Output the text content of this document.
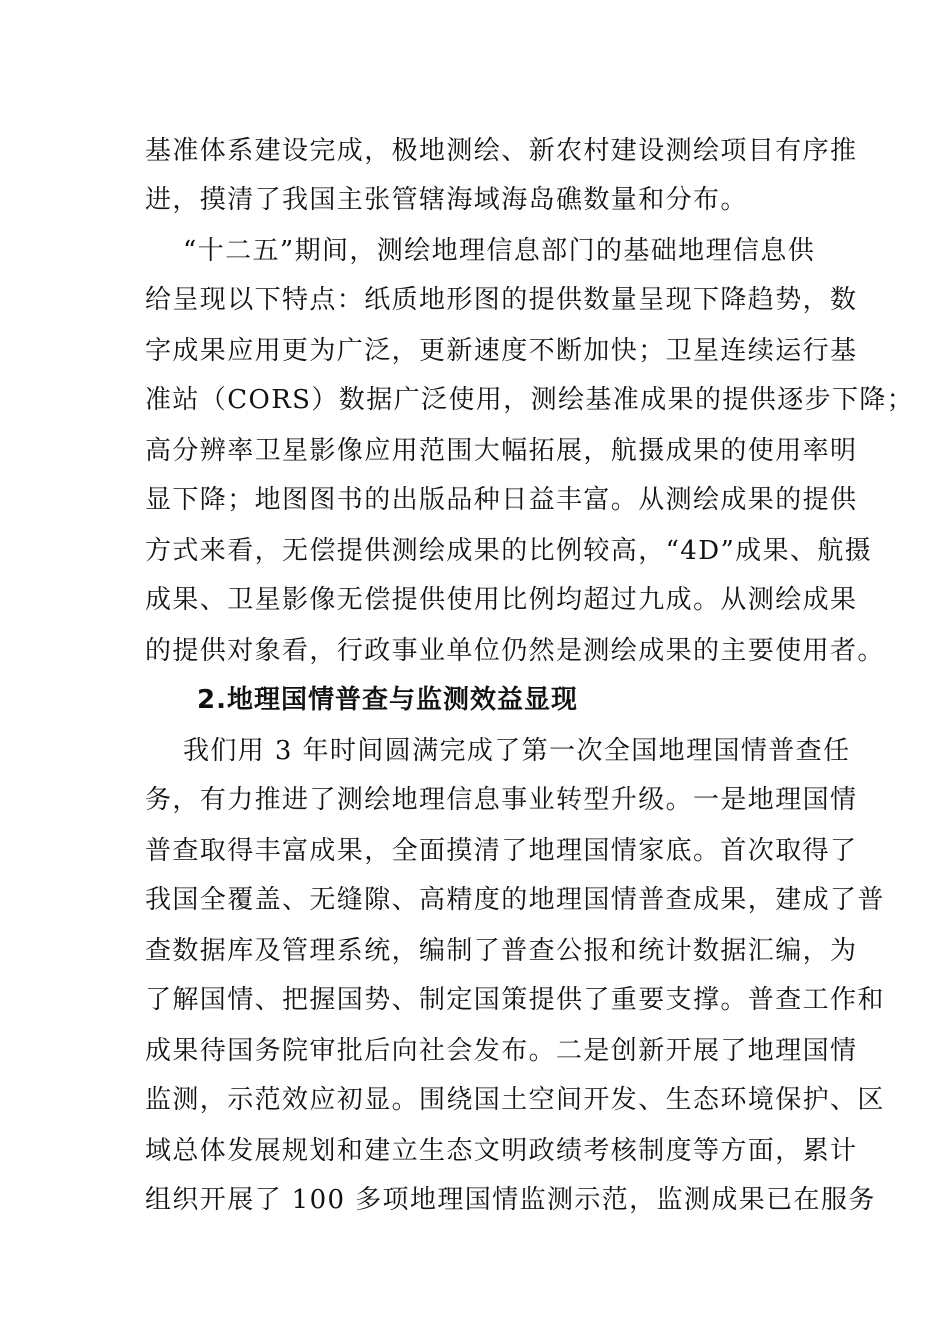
基准体系建设完成，极地测绘、新农村建设测绘项目有序推
进，摸清了我国主张管辖海域海岛礁数量和分布。
“十二五”期间，测绘地理信息部门的基础地理信息供
给呈现以下特点：纸质地形图的提供数量呈现下降趋势，数
字成果应用更为广泛，更新速度不断加快；卫星连续运行基
准站（CORS）数据广泛使用，测绘基准成果的提供逐步下降；
高分辨率卫星影像应用范围大幅拓展，航摄成果的使用率明
显下降；地图图书的出版品种日益丰富。从测绘成果的提供
方式来看，无偿提供测绘成果的比例较高，“4D”成果、航摄
成果、卫星影像无偿提供使用比例均超过九成。从测绘成果
的提供对象看，行政事业单位仍然是测绘成果的主要使用者。
2.地理国情普查与监测效益显现
我们用 3 年时间圆满完成了第一次全国地理国情普查任
务，有力推进了测绘地理信息事业转型升级。一是地理国情
普查取得丰富成果，全面摸清了地理国情家底。首次取得了
我国全覆盖、无缝隙、高精度的地理国情普查成果，建成了普
查数据库及管理系统，编制了普查公报和统计数据汇编，为
了解国情、把握国势、制定国策提供了重要支撑。普查工作和
成果待国务院审批后向社会发布。二是创新开展了地理国情
监测，示范效应初显。围绕国土空间开发、生态环境保护、区
域总体发展规划和建立生态文明政绩考核制度等方面，累计
组织开展了 100 多项地理国情监测示范，监测成果已在服务
